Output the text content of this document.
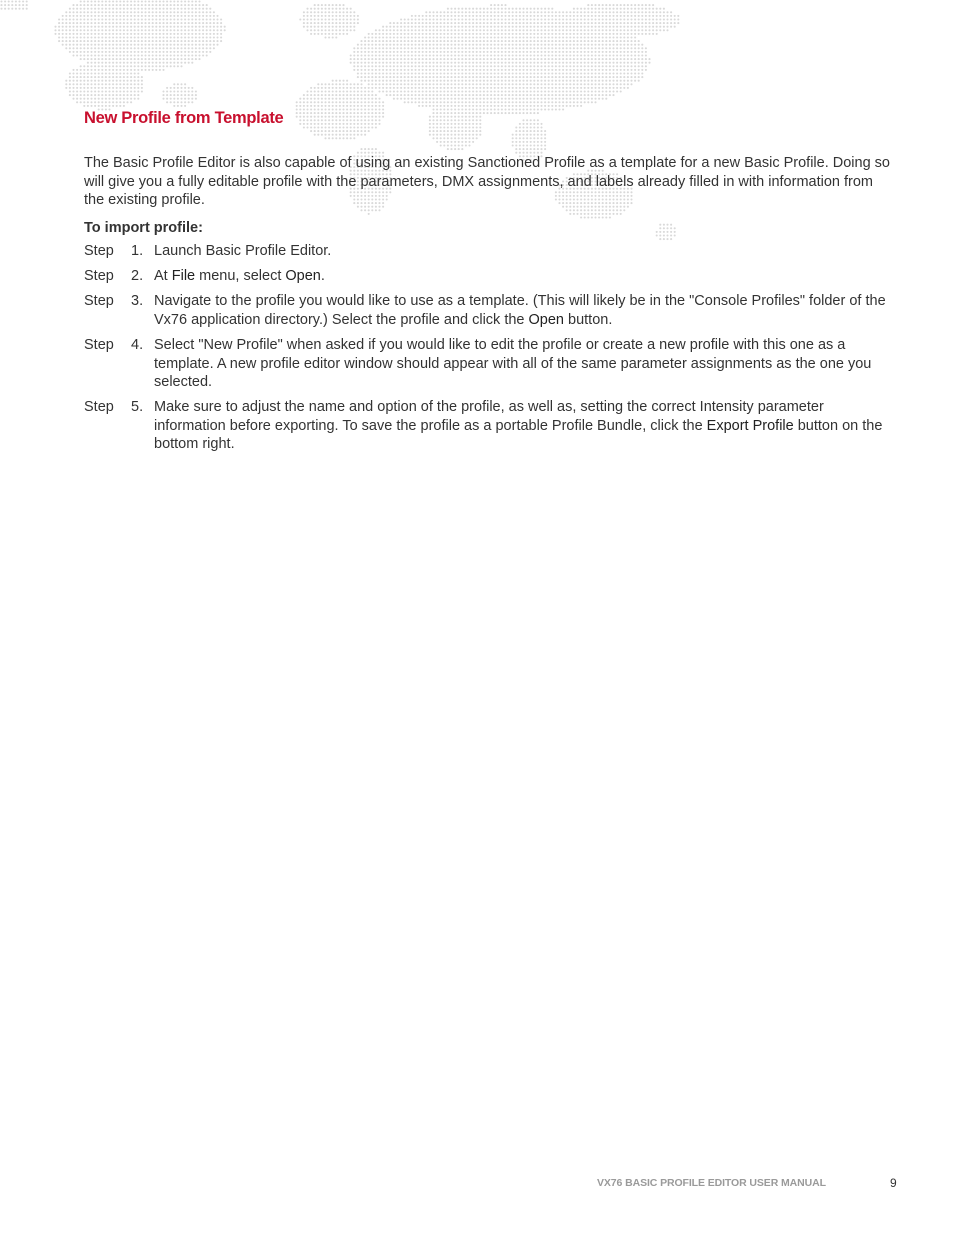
New Profile from Template

The Basic Profile Editor is also capable of using an existing Sanctioned Profile as a template for a new Basic Profile. Doing so will give you a fully editable profile with the parameters, DMX assignments, and labels already filled in with information from the existing profile.

To import profile:

Step 1. Launch Basic Profile Editor.
Step 2. At File menu, select Open.
Step 3. Navigate to the profile you would like to use as a template. (This will likely be in the "Console Profiles" folder of the Vx76 application directory.) Select the profile and click the Open button.
Step 4. Select "New Profile" when asked if you would like to edit the profile or create a new profile with this one as a template. A new profile editor window should appear with all of the same parameter assignments as the one you selected.
Step 5. Make sure to adjust the name and option of the profile, as well as, setting the correct Intensity parameter information before exporting. To save the profile as a portable Profile Bundle, click the Export Profile button on the bottom right.
VX76 BASIC PROFILE EDITOR USER MANUAL	9
